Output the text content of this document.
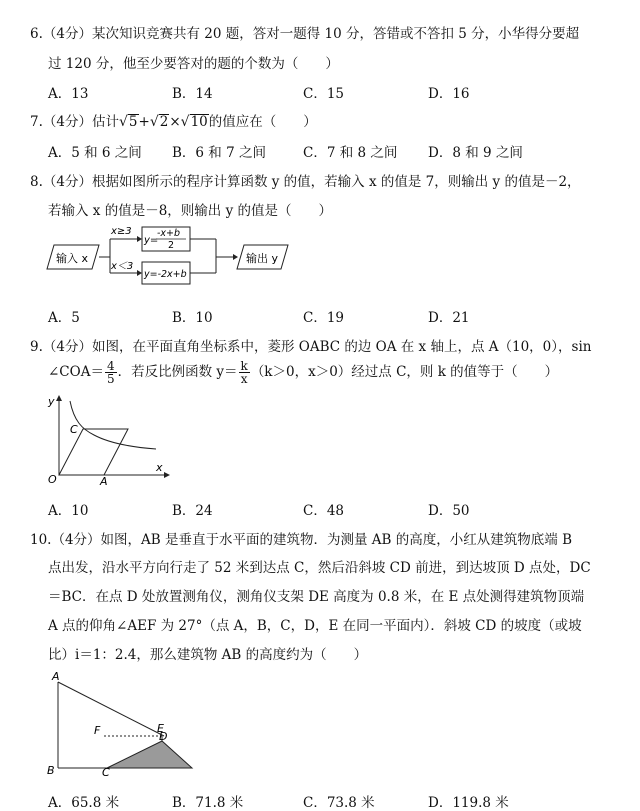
6.（4分）某次知识竞赛共有 20 题，答对一题得 10 分，答错或不答扣 5 分，小华得分要超
过 120 分，他至少要答对的题的个数为（　　）
A．13	B．14	C．15	D．16
7.（4分）估计√5+√2×√10的值应在（　　）
A．5 和 6 之间 B．6 和 7 之间	C．7 和 8 之间 D．8 和 9 之间
8.（4分）根据如图所示的程序计算函数 y 的值，若输入 x 的值是 7，则输出 y 的值是－2，
若输入 x 的值是－8，则输出 y 的值是（　　）
输入 x
x≥3
x＜3
y=
-x+b
2
y=-2x+b
输出 y
A．5	B．10	C．19	D．21
9.（4分）如图，在平面直角坐标系中，菱形 OABC 的边 OA 在 x 轴上，点 A（10，0），sin
∠COA＝ $\frac{4}{5}$ ．若反比例函数 $y= \frac{k}{x} (k>0$，x＞0）经过点 C，则 k 的值等于（　　）
y
x
O	A
C
A．10	B．24	C．48	D．50
10.（4分）如图，AB 是垂直于水平面的建筑物．为测量 AB 的高度，小红从建筑物底端 B
点出发，沿水平方向行走了 52 米到达点 C，然后沿斜坡 CD 前进，到达坡顶 D 点处，DC
＝BC．在点 D 处放置测角仪，测角仪支架 DE 高度为 0.8 米，在 E 点处测得建筑物顶端
A 点的仰角∠AEF 为 27°（点 A，B，C，D，E 在同一平面内）．斜坡 CD 的坡度（或坡
比）i＝1：2.4，那么建筑物 AB 的高度约为（　　）
A
B	C
D
E
F
A．65.8 米	B．71.8 米	C．73.8 米	D．119.8 米
